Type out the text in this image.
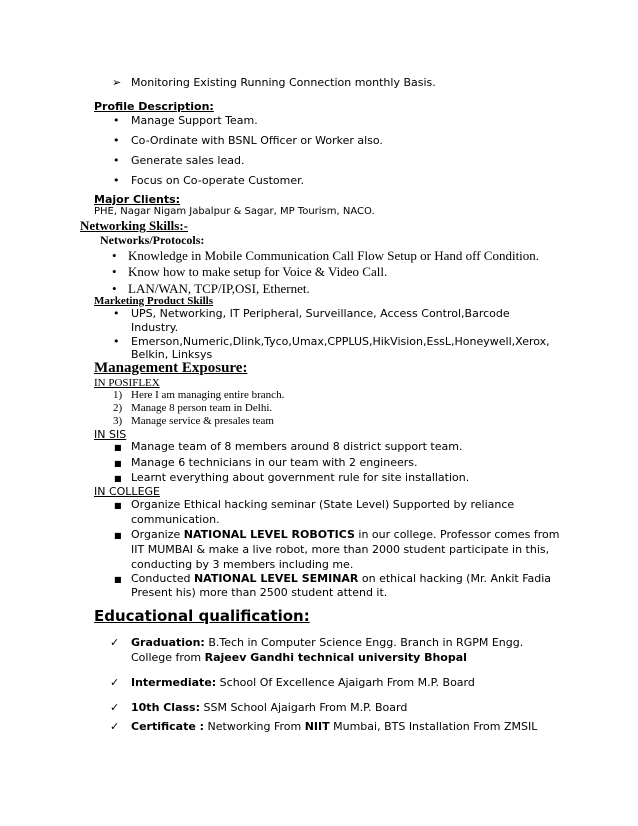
➢ Monitoring Existing Running Connection monthly Basis.
Profile Description:
• Manage Support Team.
• Co-Ordinate with BSNL Officer or Worker also.
• Generate sales lead.
• Focus on Co-operate Customer.
Major Clients:
PHE, Nagar Nigam Jabalpur & Sagar, MP Tourism, NACO.
Networking Skills:-
Networks/Protocols:
• Knowledge in Mobile Communication Call Flow Setup or Hand off Condition.
• Know how to make setup for Voice & Video Call.
• LAN/WAN, TCP/IP,OSI, Ethernet.
Marketing Product Skills
• UPS, Networking, IT Peripheral, Surveillance, Access Control,Barcode
Industry.
• Emerson,Numeric,Dlink,Tyco,Umax,CPPLUS,HikVision,EssL,Honeywell,Xerox,
Belkin, Linksys
Management Exposure:
IN POSIFLEX
1) Here I am managing entire branch.
2) Manage 8 person team in Delhi.
3) Manage service & presales team
IN SIS
■ Manage team of 8 members around 8 district support team.
■ Manage 6 technicians in our team with 2 engineers.
■ Learnt everything about government rule for site installation.
IN COLLEGE
■ Organize Ethical hacking seminar (State Level) Supported by reliance
communication.
■ Organize NATIONAL LEVEL ROBOTICS in our college. Professor comes from
IIT MUMBAI & make a live robot, more than 2000 student participate in this,
conducting by 3 members including me.
■ Conducted NATIONAL LEVEL SEMINAR on ethical hacking (Mr. Ankit Fadia
Present his) more than 2500 student attend it.
Educational qualification:
✓ Graduation: B.Tech in Computer Science Engg. Branch in RGPM Engg.
College from Rajeev Gandhi technical university Bhopal
✓ Intermediate: School Of Excellence Ajaigarh From M.P. Board
✓ 10th Class: SSM School Ajaigarh From M.P. Board
✓ Certificate : Networking From NIIT Mumbai, BTS Installation From ZMSIL
